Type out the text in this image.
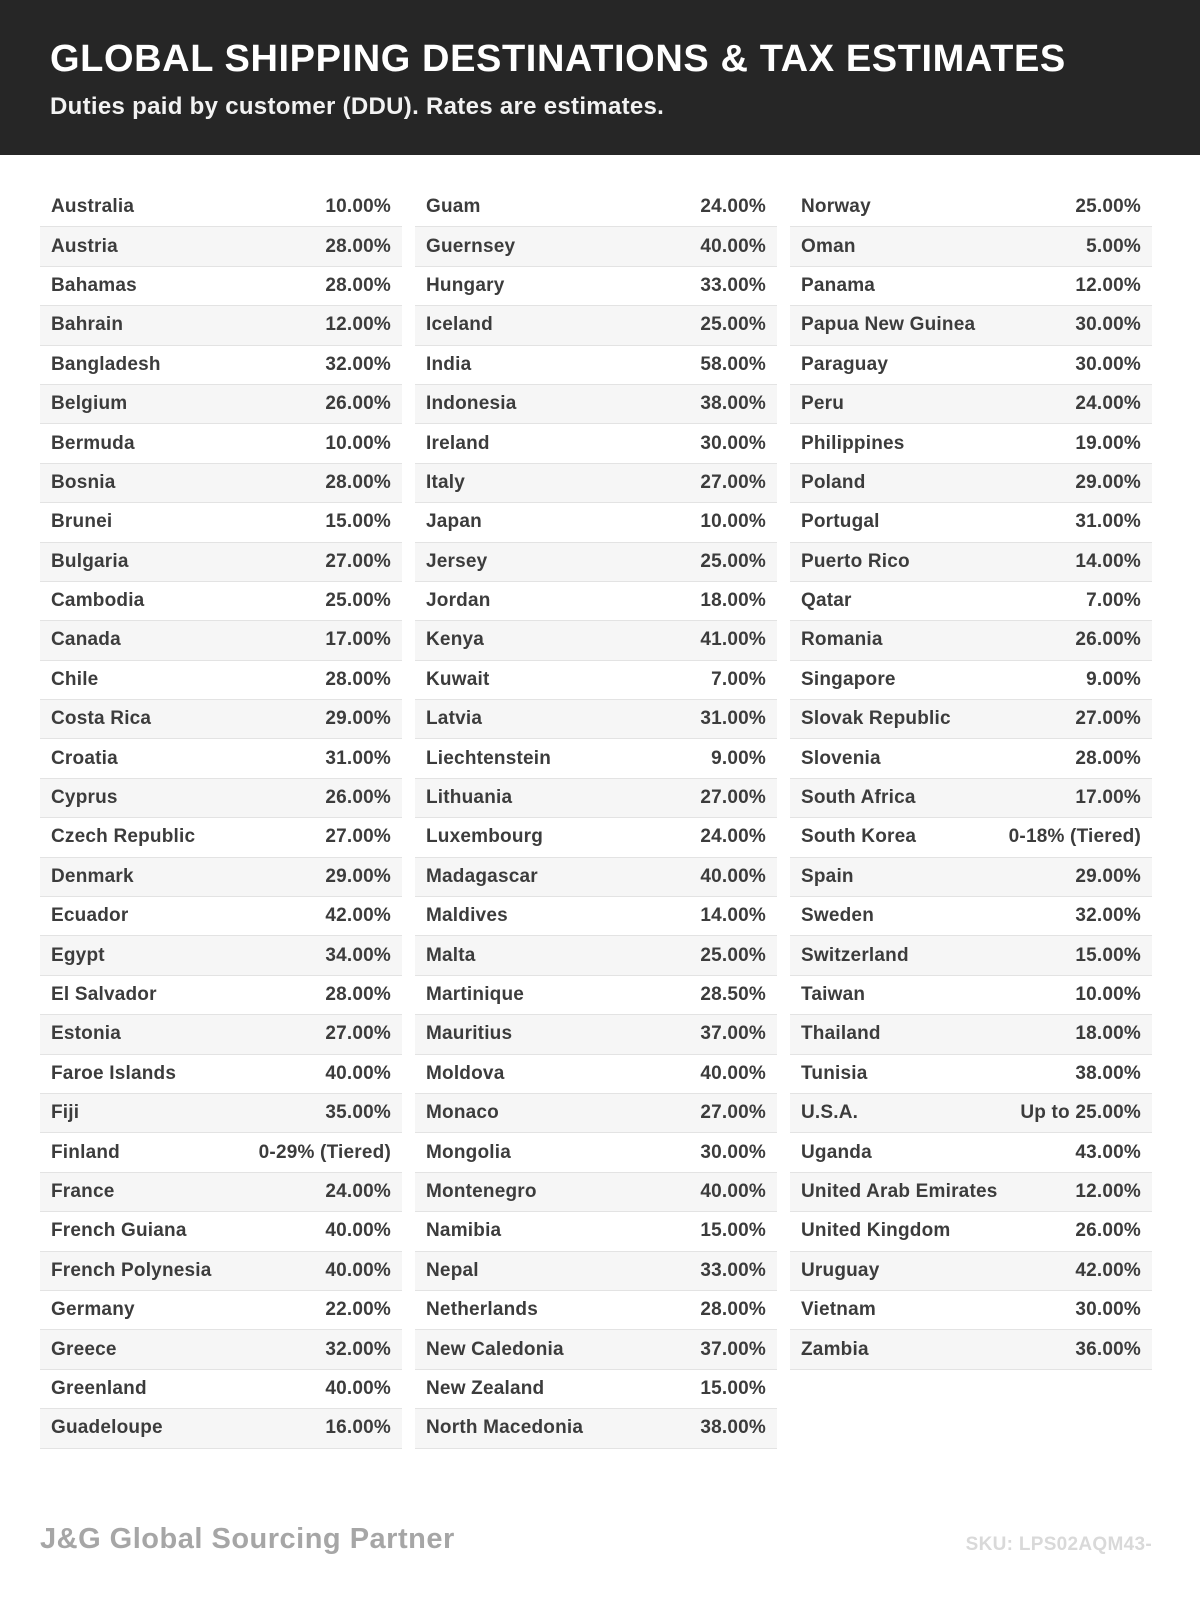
GLOBAL SHIPPING DESTINATIONS & TAX ESTIMATES

Duties paid by customer (DDU). Rates are estimates.

Australia	10.00%
Austria	28.00%
Bahamas	28.00%
Bahrain	12.00%
Bangladesh	32.00%
Belgium	26.00%
Bermuda	10.00%
Bosnia	28.00%
Brunei	15.00%
Bulgaria	27.00%
Cambodia	25.00%
Canada	17.00%
Chile	28.00%
Costa Rica	29.00%
Croatia	31.00%
Cyprus	26.00%
Czech Republic	27.00%
Denmark	29.00%
Ecuador	42.00%
Egypt	34.00%
El Salvador	28.00%
Estonia	27.00%
Faroe Islands	40.00%
Fiji	35.00%
Finland	0-29% (Tiered)
France	24.00%
French Guiana	40.00%
French Polynesia	40.00%
Germany	22.00%
Greece	32.00%
Greenland	40.00%
Guadeloupe	16.00%
Guam	24.00%
Guernsey	40.00%
Hungary	33.00%
Iceland	25.00%
India	58.00%
Indonesia	38.00%
Ireland	30.00%
Italy	27.00%
Japan	10.00%
Jersey	25.00%
Jordan	18.00%
Kenya	41.00%
Kuwait	7.00%
Latvia	31.00%
Liechtenstein	9.00%
Lithuania	27.00%
Luxembourg	24.00%
Madagascar	40.00%
Maldives	14.00%
Malta	25.00%
Martinique	28.50%
Mauritius	37.00%
Moldova	40.00%
Monaco	27.00%
Mongolia	30.00%
Montenegro	40.00%
Namibia	15.00%
Nepal	33.00%
Netherlands	28.00%
New Caledonia	37.00%
New Zealand	15.00%
North Macedonia	38.00%
Norway	25.00%
Oman	5.00%
Panama	12.00%
Papua New Guinea	30.00%
Paraguay	30.00%
Peru	24.00%
Philippines	19.00%
Poland	29.00%
Portugal	31.00%
Puerto Rico	14.00%
Qatar	7.00%
Romania	26.00%
Singapore	9.00%
Slovak Republic	27.00%
Slovenia	28.00%
South Africa	17.00%
South Korea	0-18% (Tiered)
Spain	29.00%
Sweden	32.00%
Switzerland	15.00%
Taiwan	10.00%
Thailand	18.00%
Tunisia	38.00%
U.S.A.	Up to 25.00%
Uganda	43.00%
United Arab Emirates	12.00%
United Kingdom	26.00%
Uruguay	42.00%
Vietnam	30.00%
Zambia	36.00%
J&G Global Sourcing Partner	SKU: LPS02AQM43-
